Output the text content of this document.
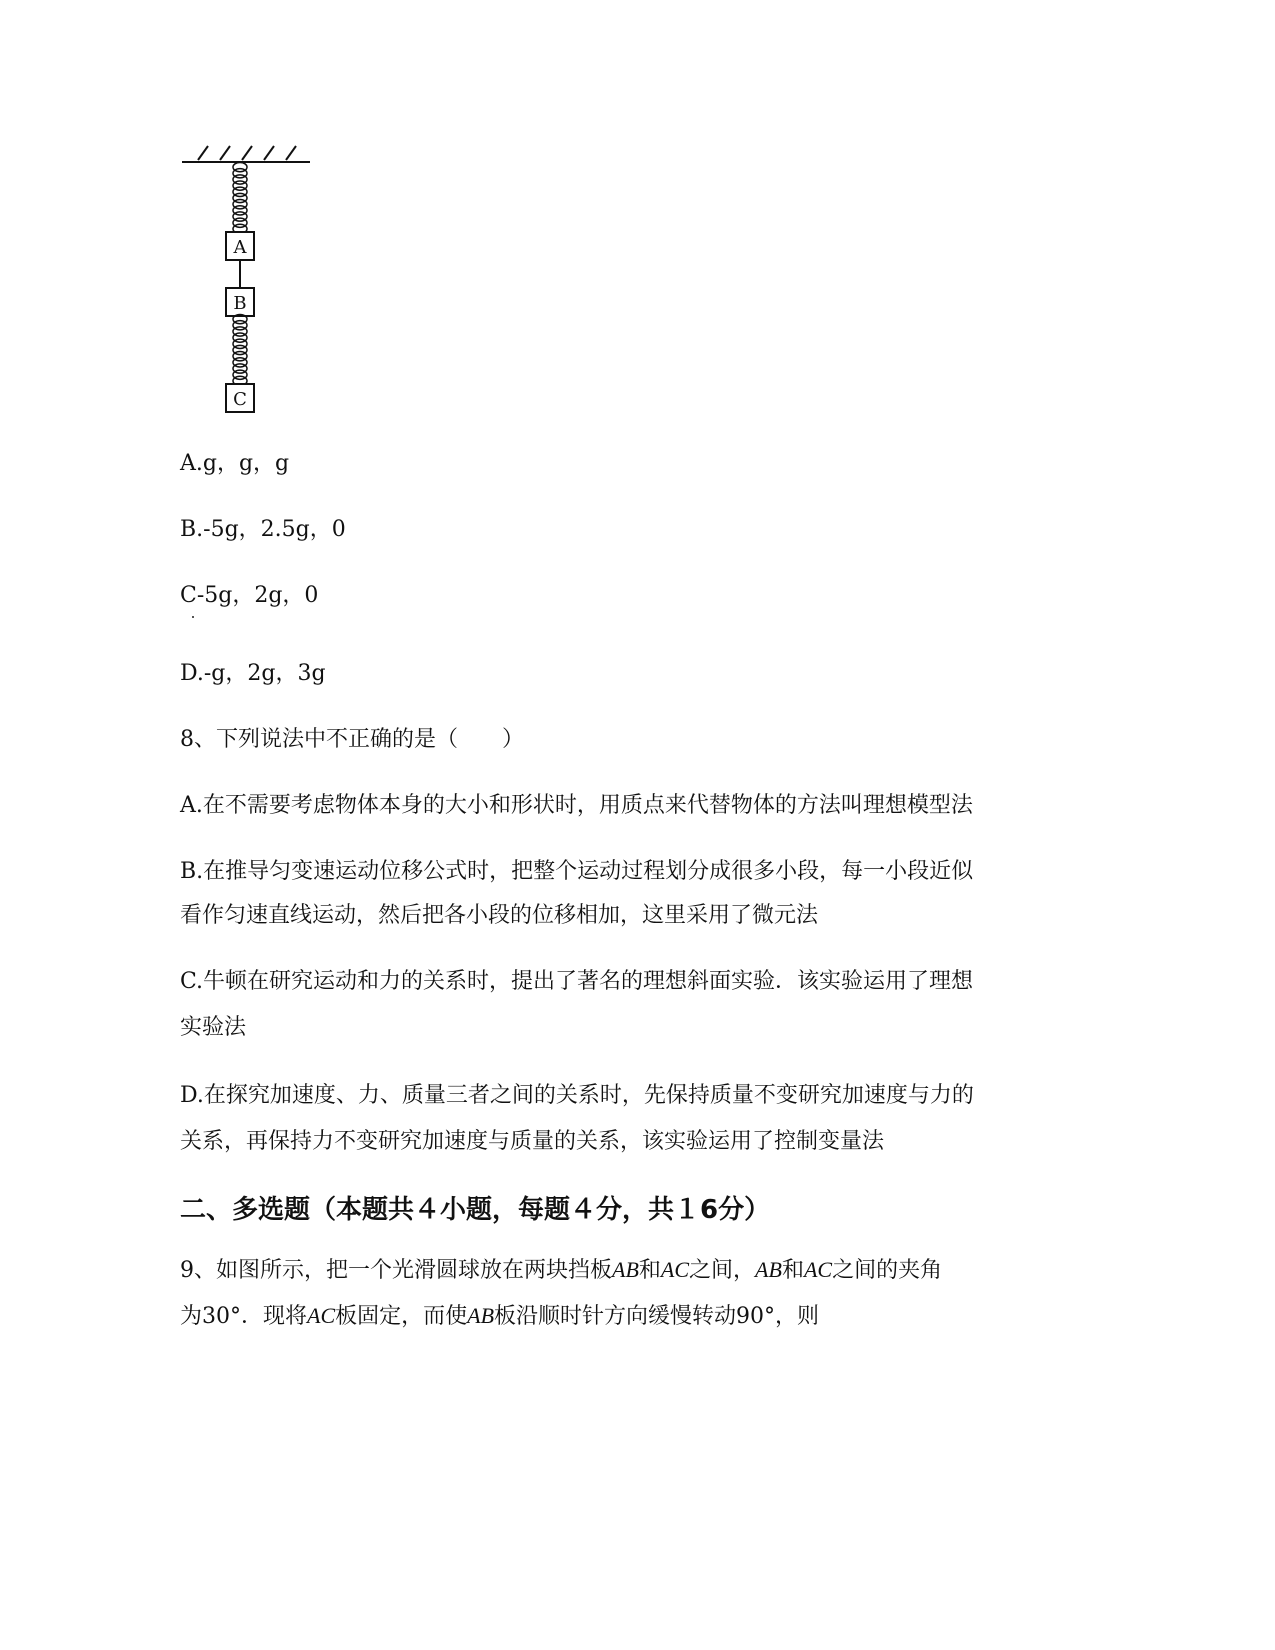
A
B
C
A.g，g，g
B.-5g，2.5g，0
C-5g，2g，0
D.-g，2g，3g
8、下列说法中不正确的是（　　）
A.在不需要考虑物体本身的大小和形状时，用质点来代替物体的方法叫理想模型法
B.在推导匀变速运动位移公式时，把整个运动过程划分成很多小段，每一小段近似
看作匀速直线运动，然后把各小段的位移相加，这里采用了微元法
C.牛顿在研究运动和力的关系时，提出了著名的理想斜面实验．该实验运用了理想
实验法
D.在探究加速度、力、质量三者之间的关系时，先保持质量不变研究加速度与力的
关系，再保持力不变研究加速度与质量的关系，该实验运用了控制变量法
二、多选题（本题共４小题，每题４分，共１6分）
9、如图所示，把一个光滑圆球放在两块挡板AB和AC之间，AB和AC之间的夹角
为30°．现将AC板固定，而使AB板沿顺时针方向缓慢转动90°，则
